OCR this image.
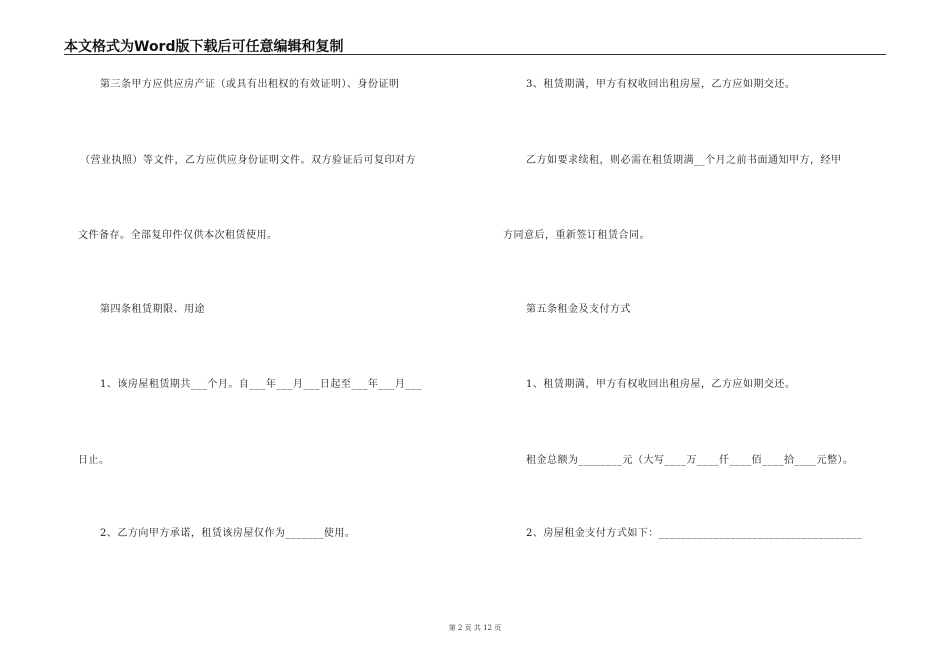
本文格式为Word版下载后可任意编辑和复制
第三条甲方应供应房产证（或具有出租权的有效证明）、身份证明
（营业执照）等文件，乙方应供应身份证明文件。双方验证后可复印对方
文件备存。全部复印件仅供本次租赁使用。
第四条租赁期限、用途
1、该房屋租赁期共___个月。自___年___月___日起至___年___月___
日止。
2、乙方向甲方承诺，租赁该房屋仅作为_______使用。
3、租赁期满，甲方有权收回出租房屋，乙方应如期交还。
乙方如要求续租，则必需在租赁期满__个月之前书面通知甲方，经甲
方同意后，重新签订租赁合同。
第五条租金及支付方式
1、租赁期满，甲方有权收回出租房屋，乙方应如期交还。
租金总额为________元（大写____万____仟____佰____拾____元整）。
2、房屋租金支付方式如下：_____________________________________
第 2 页 共 12 页
